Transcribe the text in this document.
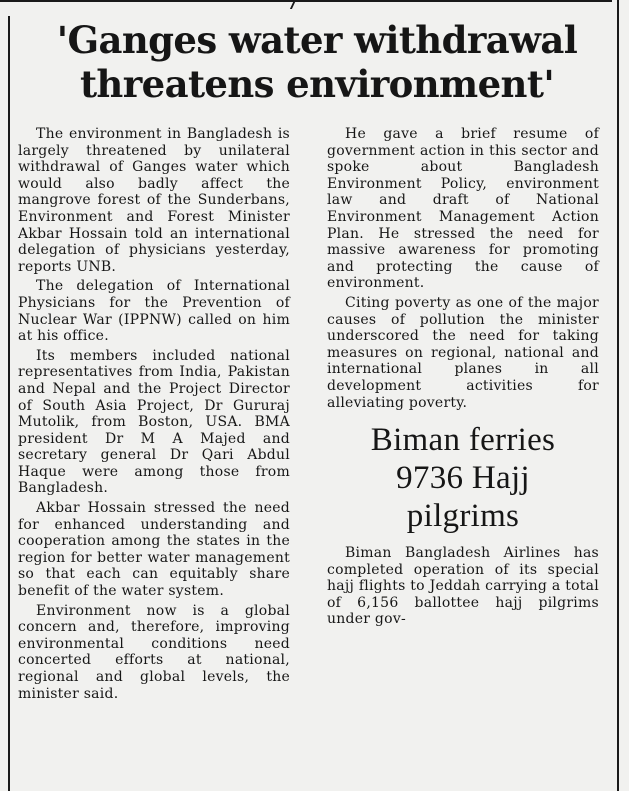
'Ganges water withdrawal
threatens environment'

The environment in Bangladesh is largely threatened by unilateral withdrawal of Ganges water which would also badly affect the mangrove forest of the Sunderbans, Environment and Forest Minister Akbar Hossain told an international delegation of physicians yesterday, reports UNB.

The delegation of International Physicians for the Prevention of Nuclear War (IPPNW) called on him at his office.

Its members included national representatives from India, Pakistan and Nepal and the Project Director of South Asia Project, Dr Gururaj Mutolik, from Boston, USA. BMA president Dr M A Majed and secretary general Dr Qari Abdul Haque were among those from Bangladesh.

Akbar Hossain stressed the need for enhanced understanding and cooperation among the states in the region for better water management so that each can equitably share benefit of the water system.

Environment now is a global concern and, therefore, improving environmental conditions need concerted efforts at national, regional and global levels, the minister said.

He gave a brief resume of government action in this sector and spoke about Bangladesh Environment Policy, environment law and draft of National Environment Management Action Plan. He stressed the need for massive awareness for promoting and protecting the cause of environment.

Citing poverty as one of the major causes of pollution the minister underscored the need for taking measures on regional, national and international planes in all development activities for alleviating poverty.

Biman ferries
9736 Hajj
pilgrims

Biman Bangladesh Airlines has completed operation of its special hajj flights to Jeddah carrying a total of 6,156 ballottee hajj pilgrims under gov-
